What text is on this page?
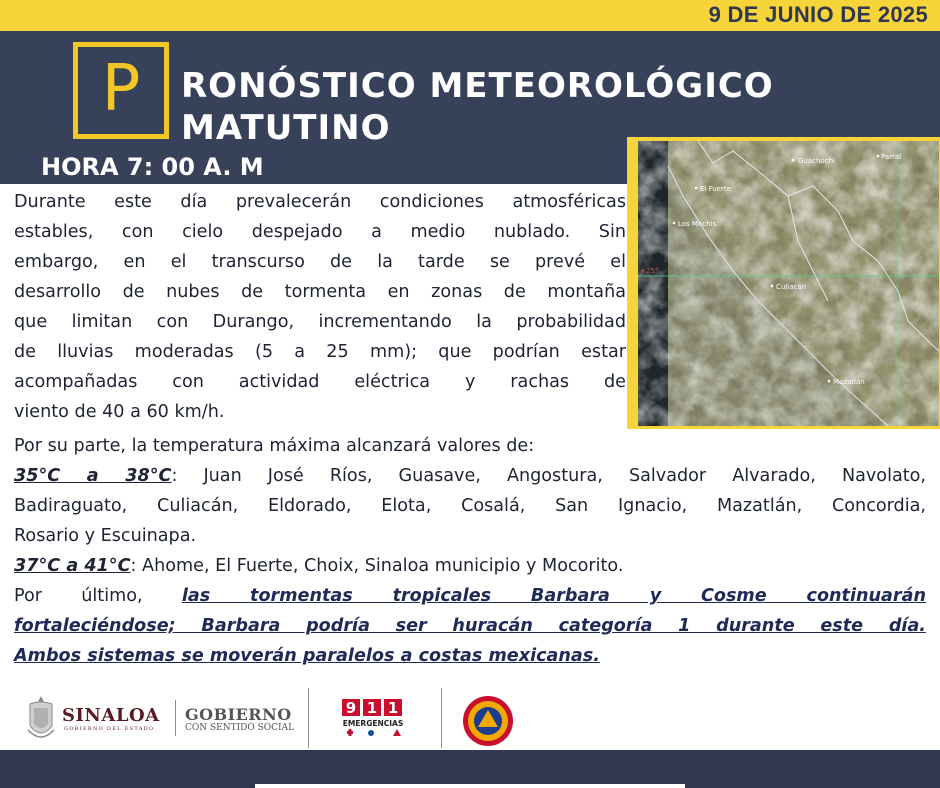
9 DE JUNIO DE 2025
P	RONÓSTICO METEOROLÓGICO
MATUTINO
HORA 7: 00 A. M	Guachochi	Parral
El Fuerte
Los Mochis
Culiacán
Mazatlán
+25°
Durante este día prevalecerán condiciones atmosféricas
estables, con cielo despejado a medio nublado. Sin
embargo, en el transcurso de la tarde se prevé el
desarrollo de nubes de tormenta en zonas de montaña
que limitan con Durango, incrementando la probabilidad
de lluvias moderadas (5 a 25 mm); que podrían estar
acompañadas con actividad eléctrica y rachas de
viento de 40 a 60 km/h.
Por su parte, la temperatura máxima alcanzará valores de:
35°C a 38°C: Juan José Ríos, Guasave, Angostura, Salvador Alvarado, Navolato,
Badiraguato, Culiacán, Eldorado, Elota, Cosalá, San Ignacio, Mazatlán, Concordia,
Rosario y Escuinapa.
37°C a 41°C: Ahome, El Fuerte, Choix, Sinaloa municipio y Mocorito.
Por último, las tormentas tropicales Barbara y Cosme continuarán
fortaleciéndose; Barbara podría ser huracán categoría 1 durante este día.
Ambos sistemas se moverán paralelos a costas mexicanas.
SINALOA
GOBIERNO DEL ESTADO
GOBIERNO
CON SENTIDO SOCIAL
9 1 1
EMERGENCIAS
